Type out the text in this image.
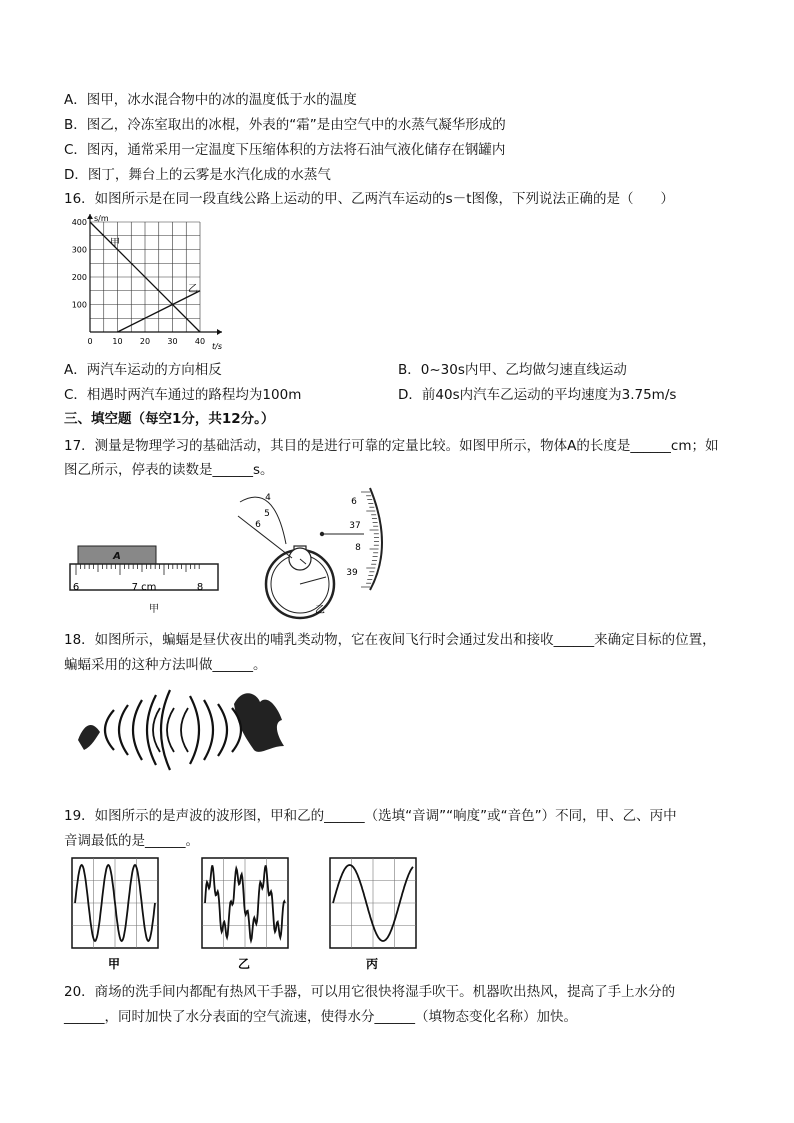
A．图甲，冰水混合物中的冰的温度低于水的温度
B．图乙，冷冻室取出的冰棍，外表的“霜”是由空气中的水蒸气凝华形成的
C．图丙，通常采用一定温度下压缩体积的方法将石油气液化储存在钢罐内
D．图丁，舞台上的云雾是水汽化成的水蒸气
16．如图所示是在同一段直线公路上运动的甲、乙两汽车运动的s－t图像，下列说法正确的是（　　）
s/m
t/s
0 10 20 30 40
100
200
300
400
甲
乙
A．两汽车运动的方向相反	B．0~30s内甲、乙均做匀速直线运动
C．相遇时两汽车通过的路程均为100m	D．前40s内汽车乙运动的平均速度为3.75m/s
三、填空题（每空1分，共12分。）
17．测量是物理学习的基础活动，其目的是进行可靠的定量比较。如图甲所示，物体A的长度是______cm；如
图乙所示，停表的读数是______s。
A
6	7 cm	8
甲
4
5
6
6
37
8
39
乙
18．如图所示，蝙蝠是昼伏夜出的哺乳类动物，它在夜间飞行时会通过发出和接收______来确定目标的位置，
蝙蝠采用的这种方法叫做______。
19．如图所示的是声波的波形图，甲和乙的______（选填“音调”“响度”或“音色”）不同，甲、乙、丙中
音调最低的是______。
甲	乙	丙
20．商场的洗手间内都配有热风干手器，可以用它很快将湿手吹干。机器吹出热风，提高了手上水分的
______，同时加快了水分表面的空气流速，使得水分______（填物态变化名称）加快。
